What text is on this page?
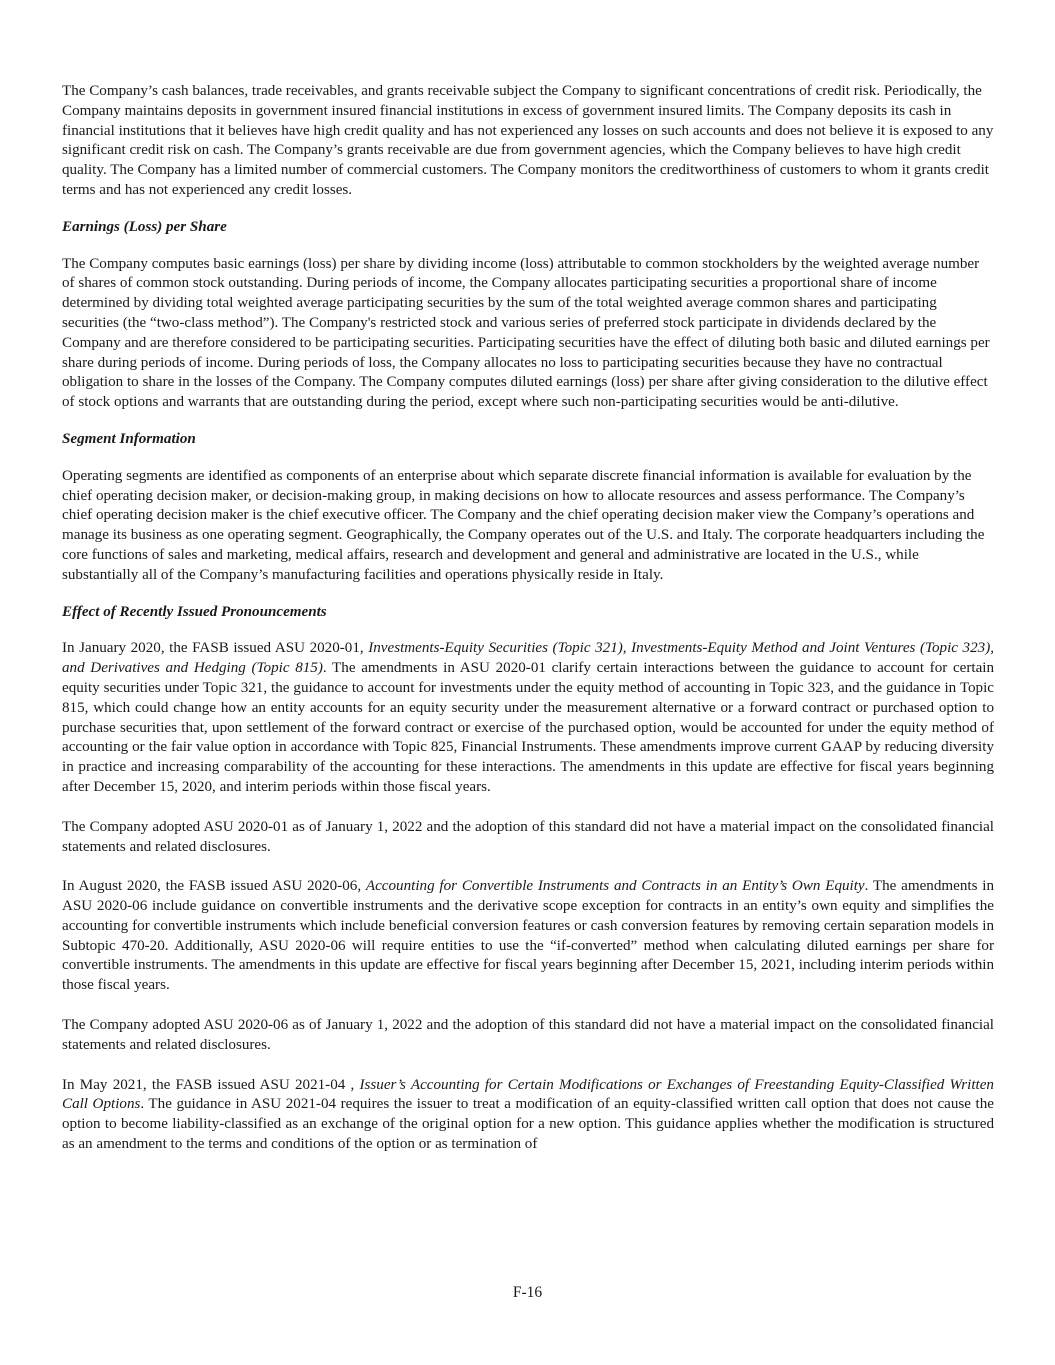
The Company’s cash balances, trade receivables, and grants receivable subject the Company to significant concentrations of credit risk. Periodically, the Company maintains deposits in government insured financial institutions in excess of government insured limits. The Company deposits its cash in financial institutions that it believes have high credit quality and has not experienced any losses on such accounts and does not believe it is exposed to any significant credit risk on cash. The Company’s grants receivable are due from government agencies, which the Company believes to have high credit quality. The Company has a limited number of commercial customers. The Company monitors the creditworthiness of customers to whom it grants credit terms and has not experienced any credit losses.

Earnings (Loss) per Share

The Company computes basic earnings (loss) per share by dividing income (loss) attributable to common stockholders by the weighted average number of shares of common stock outstanding. During periods of income, the Company allocates participating securities a proportional share of income determined by dividing total weighted average participating securities by the sum of the total weighted average common shares and participating securities (the “two-class method”). The Company's restricted stock and various series of preferred stock participate in dividends declared by the Company and are therefore considered to be participating securities. Participating securities have the effect of diluting both basic and diluted earnings per share during periods of income. During periods of loss, the Company allocates no loss to participating securities because they have no contractual obligation to share in the losses of the Company. The Company computes diluted earnings (loss) per share after giving consideration to the dilutive effect of stock options and warrants that are outstanding during the period, except where such non-participating securities would be anti-dilutive.

Segment Information

Operating segments are identified as components of an enterprise about which separate discrete financial information is available for evaluation by the chief operating decision maker, or decision-making group, in making decisions on how to allocate resources and assess performance. The Company’s chief operating decision maker is the chief executive officer. The Company and the chief operating decision maker view the Company’s operations and manage its business as one operating segment. Geographically, the Company operates out of the U.S. and Italy. The corporate headquarters including the core functions of sales and marketing, medical affairs, research and development and general and administrative are located in the U.S., while substantially all of the Company’s manufacturing facilities and operations physically reside in Italy.

Effect of Recently Issued Pronouncements

In January 2020, the FASB issued ASU 2020-01, Investments-Equity Securities (Topic 321), Investments-Equity Method and Joint Ventures (Topic 323), and Derivatives and Hedging (Topic 815). The amendments in ASU 2020-01 clarify certain interactions between the guidance to account for certain equity securities under Topic 321, the guidance to account for investments under the equity method of accounting in Topic 323, and the guidance in Topic 815, which could change how an entity accounts for an equity security under the measurement alternative or a forward contract or purchased option to purchase securities that, upon settlement of the forward contract or exercise of the purchased option, would be accounted for under the equity method of accounting or the fair value option in accordance with Topic 825, Financial Instruments. These amendments improve current GAAP by reducing diversity in practice and increasing comparability of the accounting for these interactions. The amendments in this update are effective for fiscal years beginning after December 15, 2020, and interim periods within those fiscal years.

The Company adopted ASU 2020-01 as of January 1, 2022 and the adoption of this standard did not have a material impact on the consolidated financial statements and related disclosures.

In August 2020, the FASB issued ASU 2020-06, Accounting for Convertible Instruments and Contracts in an Entity’s Own Equity. The amendments in ASU 2020-06 include guidance on convertible instruments and the derivative scope exception for contracts in an entity’s own equity and simplifies the accounting for convertible instruments which include beneficial conversion features or cash conversion features by removing certain separation models in Subtopic 470-20. Additionally, ASU 2020-06 will require entities to use the “if-converted” method when calculating diluted earnings per share for convertible instruments. The amendments in this update are effective for fiscal years beginning after December 15, 2021, including interim periods within those fiscal years.

The Company adopted ASU 2020-06 as of January 1, 2022 and the adoption of this standard did not have a material impact on the consolidated financial statements and related disclosures.

In May 2021, the FASB issued ASU 2021-04 , Issuer’s Accounting for Certain Modifications or Exchanges of Freestanding Equity-Classified Written Call Options. The guidance in ASU 2021-04 requires the issuer to treat a modification of an equity-classified written call option that does not cause the option to become liability-classified as an exchange of the original option for a new option. This guidance applies whether the modification is structured as an amendment to the terms and conditions of the option or as termination of

F-16
